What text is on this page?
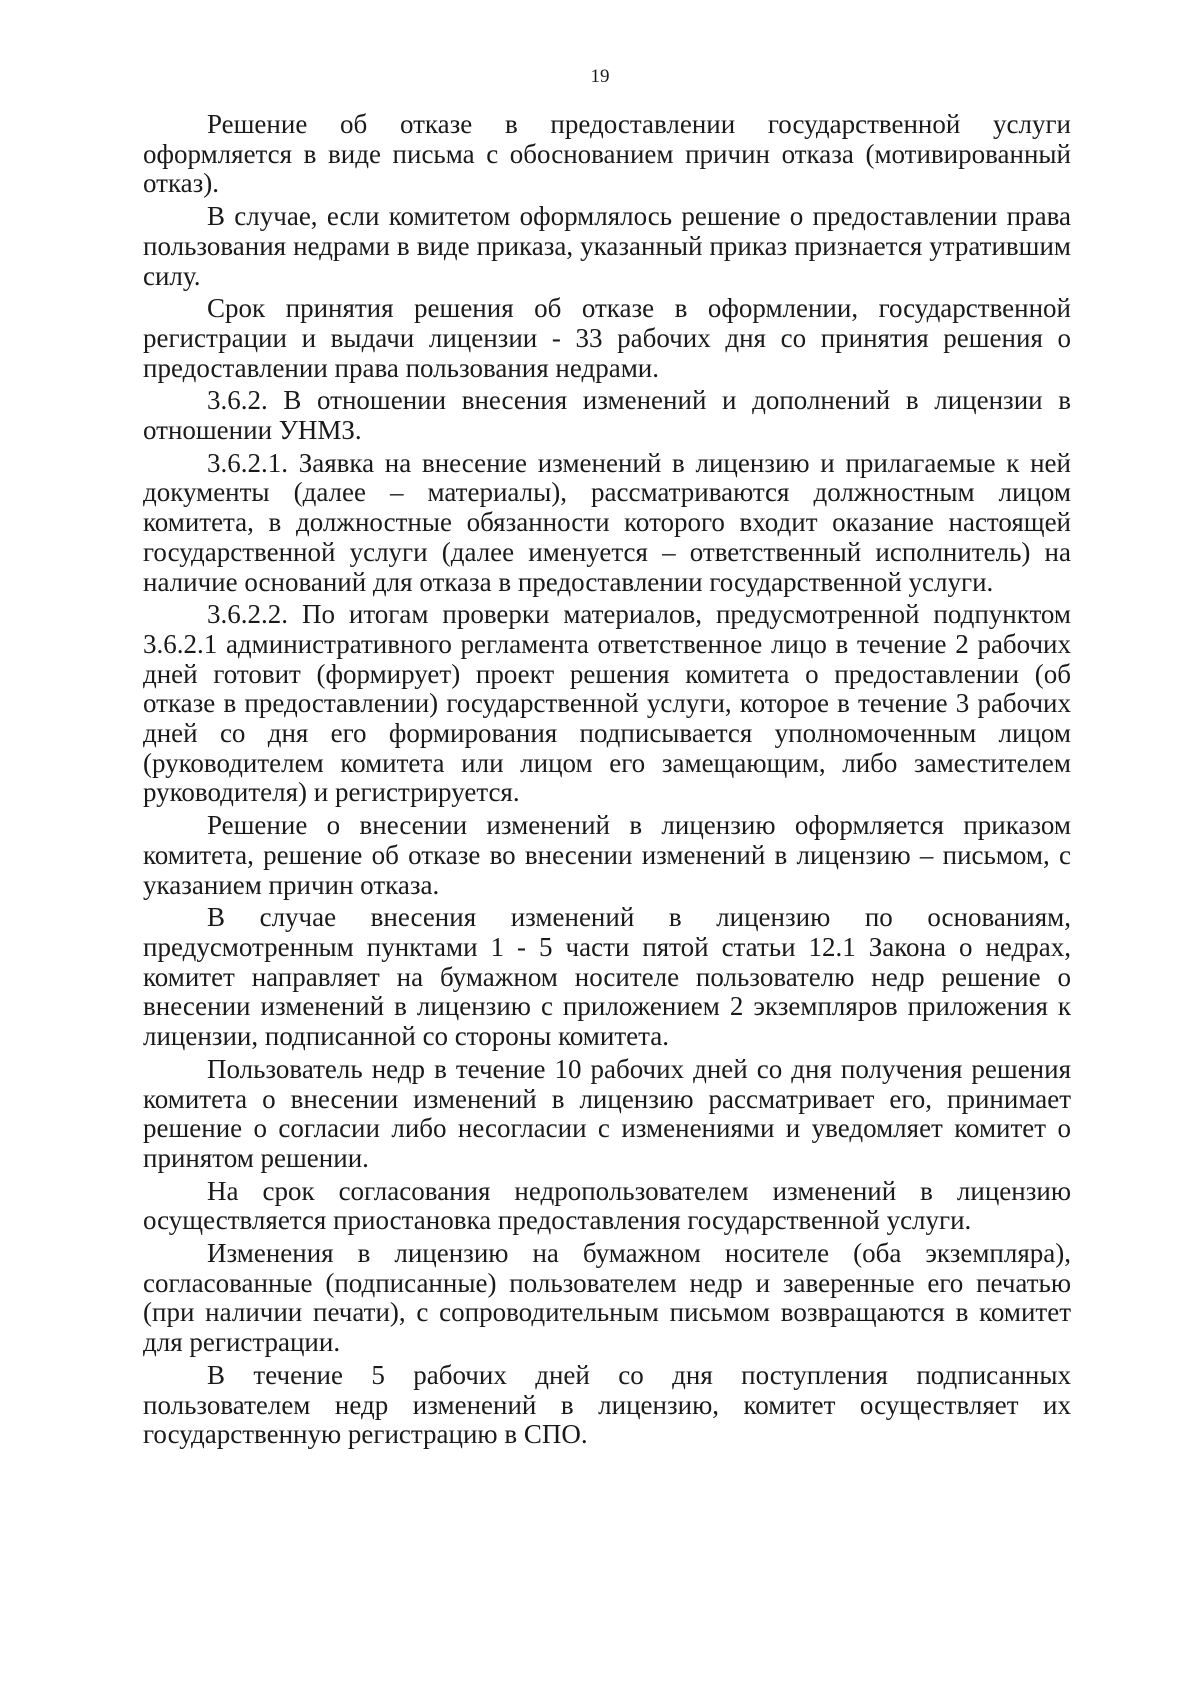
19

Решение об отказе в предоставлении государственной услуги оформляется в виде письма с обоснованием причин отказа (мотивированный отказ).

В случае, если комитетом оформлялось решение о предоставлении права пользования недрами в виде приказа, указанный приказ признается утратившим силу.

Срок принятия решения об отказе в оформлении, государственной регистрации и выдачи лицензии - 33 рабочих дня со принятия решения о предоставлении права пользования недрами.

3.6.2. В отношении внесения изменений и дополнений в лицензии в отношении УНМЗ.

3.6.2.1. Заявка на внесение изменений в лицензию и прилагаемые к ней документы (далее – материалы), рассматриваются должностным лицом комитета, в должностные обязанности которого входит оказание настоящей государственной услуги (далее именуется – ответственный исполнитель) на наличие оснований для отказа в предоставлении государственной услуги.

3.6.2.2. По итогам проверки материалов, предусмотренной подпунктом 3.6.2.1 административного регламента ответственное лицо в течение 2 рабочих дней готовит (формирует) проект решения комитета о предоставлении (об отказе в предоставлении) государственной услуги, которое в течение 3 рабочих дней со дня его формирования подписывается уполномоченным лицом (руководителем комитета или лицом его замещающим, либо заместителем руководителя) и регистрируется.

Решение о внесении изменений в лицензию оформляется приказом комитета, решение об отказе во внесении изменений в лицензию – письмом, с указанием причин отказа.

В случае внесения изменений в лицензию по основаниям, предусмотренным пунктами 1 - 5 части пятой статьи 12.1 Закона о недрах, комитет направляет на бумажном носителе пользователю недр решение о внесении изменений в лицензию с приложением 2 экземпляров приложения к лицензии, подписанной со стороны комитета.

Пользователь недр в течение 10 рабочих дней со дня получения решения комитета о внесении изменений в лицензию рассматривает его, принимает решение о согласии либо несогласии с изменениями и уведомляет комитет о принятом решении.

На срок согласования недропользователем изменений в лицензию осуществляется приостановка предоставления государственной услуги.

Изменения в лицензию на бумажном носителе (оба экземпляра), согласованные (подписанные) пользователем недр и заверенные его печатью (при наличии печати), с сопроводительным письмом возвращаются в комитет для регистрации.

В течение 5 рабочих дней со дня поступления подписанных пользователем недр изменений в лицензию, комитет осуществляет их государственную регистрацию в СПО.
